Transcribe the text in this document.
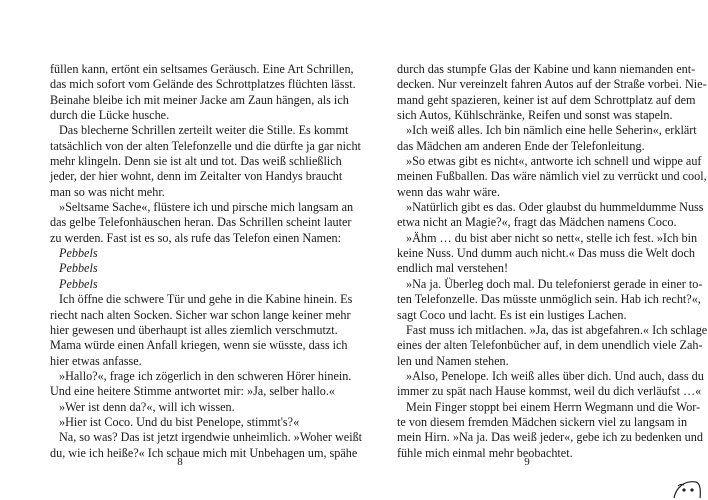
füllen kann, ertönt ein seltsames Geräusch. Eine Art Schrillen,
das mich sofort vom Gelände des Schrottplatzes flüchten lässt.
Beinahe bleibe ich mit meiner Jacke am Zaun hängen, als ich
durch die Lücke husche.
Das blecherne Schrillen zerteilt weiter die Stille. Es kommt
tatsächlich von der alten Telefonzelle und die dürfte ja gar nicht
mehr klingeln. Denn sie ist alt und tot. Das weiß schließlich
jeder, der hier wohnt, denn im Zeitalter von Handys braucht
man so was nicht mehr.
»Seltsame Sache«, flüstere ich und pirsche mich langsam an
das gelbe Telefonhäuschen heran. Das Schrillen scheint lauter
zu werden. Fast ist es so, als rufe das Telefon einen Namen:
Pebbels
Pebbels
Pebbels
Ich öffne die schwere Tür und gehe in die Kabine hinein. Es
riecht nach alten Socken. Sicher war schon lange keiner mehr
hier gewesen und überhaupt ist alles ziemlich verschmutzt.
Mama würde einen Anfall kriegen, wenn sie wüsste, dass ich
hier etwas anfasse.
»Hallo?«, frage ich zögerlich in den schweren Hörer hinein.
Und eine heitere Stimme antwortet mir: »Ja, selber hallo.«
»Wer ist denn da?«, will ich wissen.
»Hier ist Coco. Und du bist Penelope, stimmt's?«
Na, so was? Das ist jetzt irgendwie unheimlich. »Woher weißt
du, wie ich heiße?« Ich schaue mich mit Unbehagen um, spähe
durch das stumpfe Glas der Kabine und kann niemanden ent-
decken. Nur vereinzelt fahren Autos auf der Straße vorbei. Nie-
mand geht spazieren, keiner ist auf dem Schrottplatz auf dem
sich Autos, Kühlschränke, Reifen und sonst was stapeln.
»Ich weiß alles. Ich bin nämlich eine helle Seherin«, erklärt
das Mädchen am anderen Ende der Telefonleitung.
»So etwas gibt es nicht«, antworte ich schnell und wippe auf
meinen Fußballen. Das wäre nämlich viel zu verrückt und cool,
wenn das wahr wäre.
»Natürlich gibt es das. Oder glaubst du hummeldumme Nuss
etwa nicht an Magie?«, fragt das Mädchen namens Coco.
»Ähm … du bist aber nicht so nett«, stelle ich fest. »Ich bin
keine Nuss. Und dumm auch nicht.« Das muss die Welt doch
endlich mal verstehen!
»Na ja. Überleg doch mal. Du telefonierst gerade in einer to-
ten Telefonzelle. Das müsste unmöglich sein. Hab ich recht?«,
sagt Coco und lacht. Es ist ein lustiges Lachen.
Fast muss ich mitlachen. »Ja, das ist abgefahren.« Ich schlage
eines der alten Telefonbücher auf, in dem unendlich viele Zah-
len und Namen stehen.
»Also, Penelope. Ich weiß alles über dich. Und auch, dass du
immer zu spät nach Hause kommst, weil du dich verläufst …«
Mein Finger stoppt bei einem Herrn Wegmann und die Wor-
te von diesem fremden Mädchen sickern viel zu langsam in
mein Hirn. »Na ja. Das weiß jeder«, gebe ich zu bedenken und
fühle mich einmal mehr beobachtet.
8	9
